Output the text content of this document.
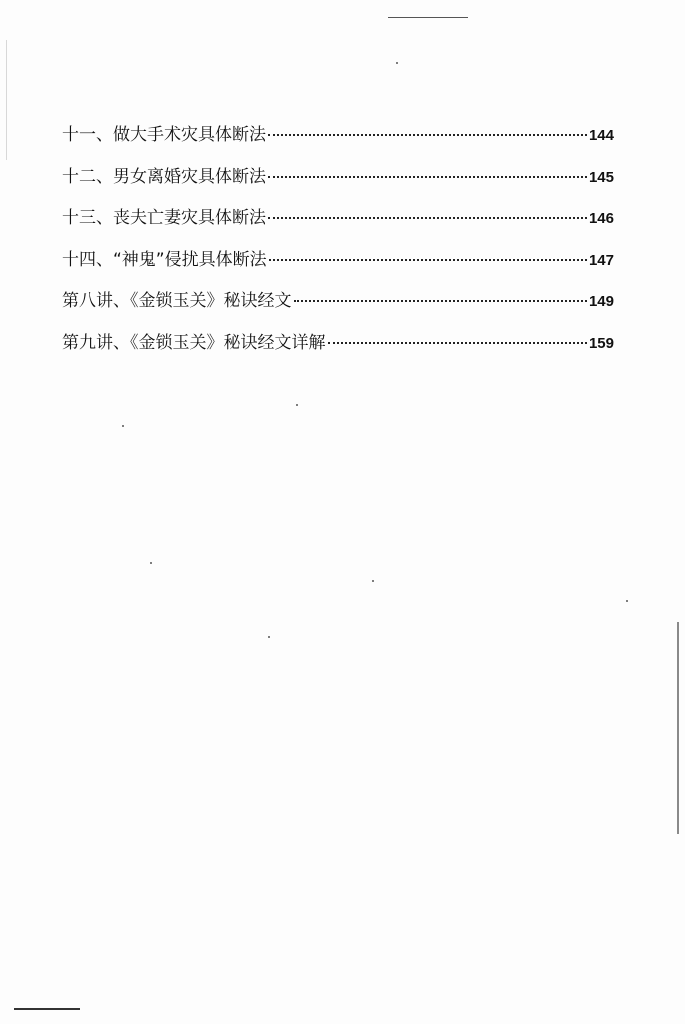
十一、做大手术灾具体断法	144
十二、男女离婚灾具体断法	145
十三、丧夫亡妻灾具体断法	146
十四、“神鬼”侵扰具体断法	147
第八讲、《金锁玉关》秘诀经文	149
第九讲、《金锁玉关》秘诀经文详解	159
